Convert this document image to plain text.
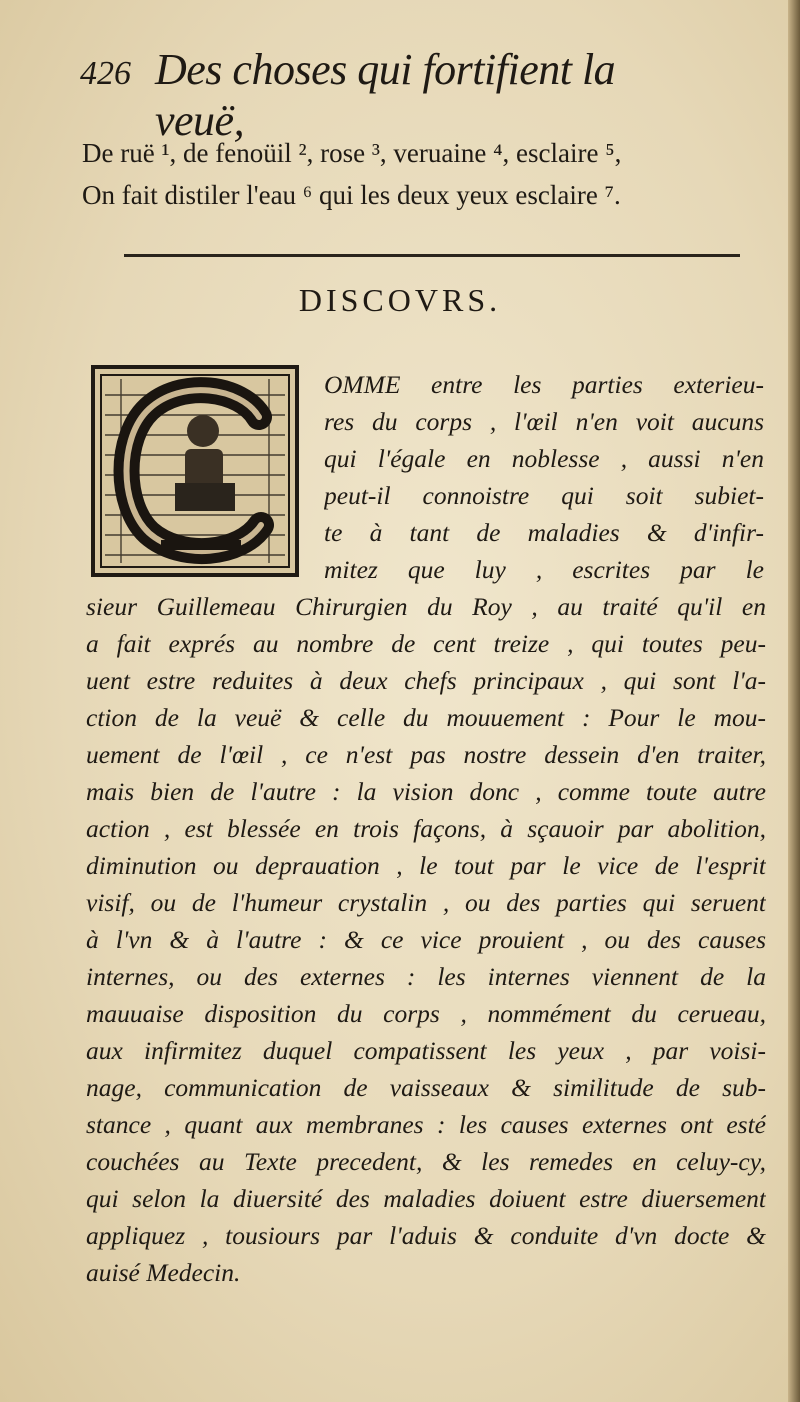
426 Des choses qui fortifient la veuë,
De ruë ¹, de fenoüil ², rose ³, veruaine ⁴, esclaire ⁵,
On fait distiler l'eau ⁶ qui les deux yeux esclaire ⁷.
DISCOVRS.
OMME entre les parties exterieu-
res du corps , l'œil n'en voit aucuns
qui l'égale en noblesse , aussi n'en
peut-il connoistre qui soit subiet-
te à tant de maladies & d'infir-
mitez que luy , escrites par le
sieur Guillemeau Chirurgien du Roy , au traité qu'il en
a fait exprés au nombre de cent treize , qui toutes peu-
uent estre reduites à deux chefs principaux , qui sont l'a-
ction de la veuë & celle du mouuement : Pour le mou-
uement de l'œil , ce n'est pas nostre dessein d'en traiter,
mais bien de l'autre : la vision donc , comme toute autre
action , est blessée en trois façons, à sçauoir par abolition,
diminution ou deprauation , le tout par le vice de l'esprit
visif, ou de l'humeur crystalin , ou des parties qui seruent
à l'vn & à l'autre : & ce vice prouient , ou des causes
internes, ou des externes : les internes viennent de la
mauuaise disposition du corps , nommément du cerueau,
aux infirmitez duquel compatissent les yeux , par voisi-
nage, communication de vaisseaux & similitude de sub-
stance , quant aux membranes : les causes externes ont esté
couchées au Texte precedent, & les remedes en celuy-cy,
qui selon la diuersité des maladies doiuent estre diuersement
appliquez , tousiours par l'aduis & conduite d'vn docte &
auisé Medecin.
